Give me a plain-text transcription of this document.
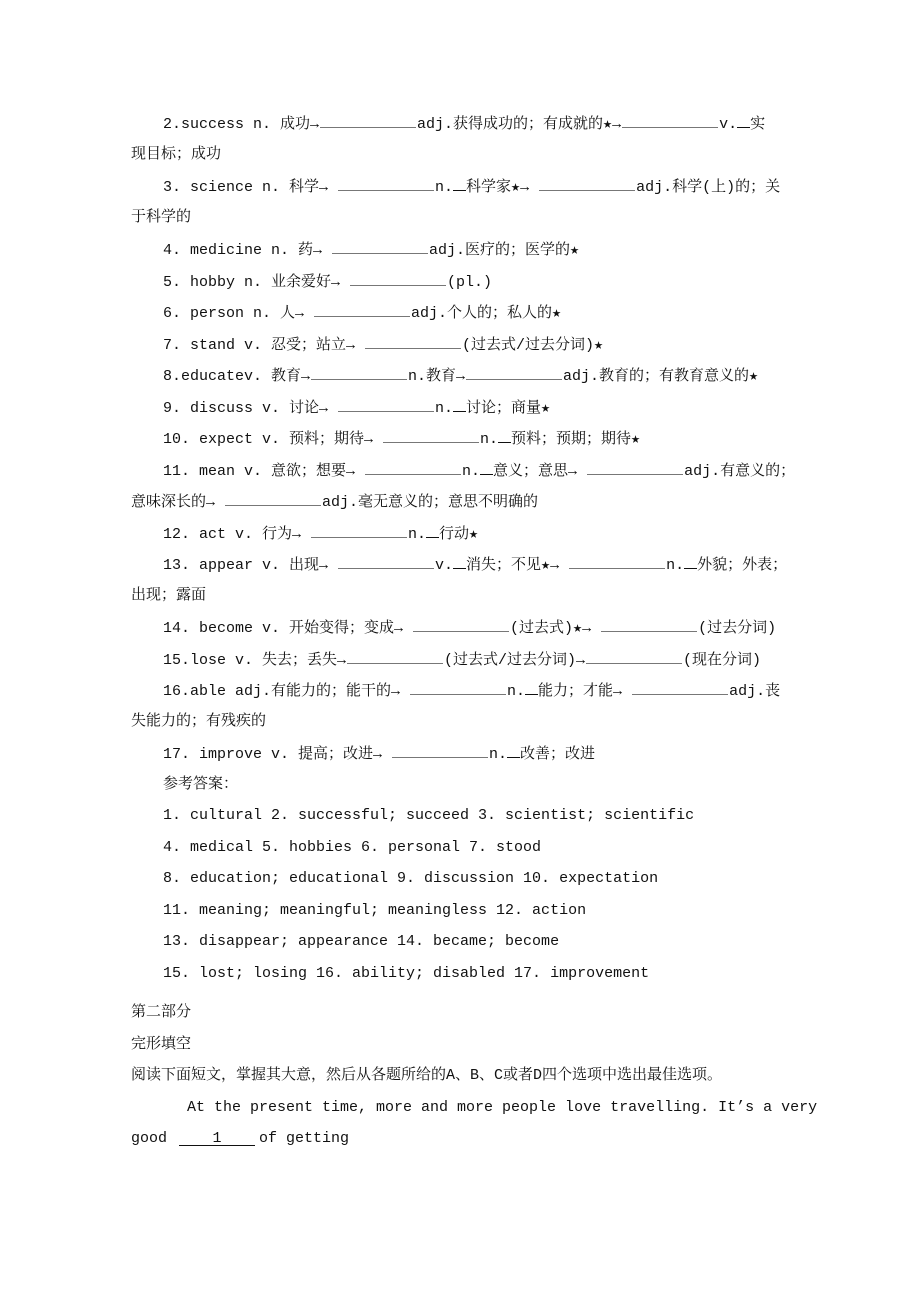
2.success n. 成功→	adj.获得成功的；有成就的★→	v. 实
现目标；成功
3. science n. 科学→	n. 科学家★→	adj.科学(上)的；关
于科学的
4. medicine n. 药→	adj.医疗的；医学的★
5. hobby n. 业余爱好→	(pl.)
6. person n. 人→	adj.个人的；私人的★
7. stand v. 忍受；站立→	(过去式/过去分词)★
8.educatev. 教育→	n.教育→	adj.教育的；有教育意义的★
9. discuss v. 讨论→	n. 讨论；商量★
10. expect v. 预料；期待→	n. 预料；预期；期待★
11. mean v. 意欲；想要→	n. 意义；意思→	adj.有意义的；
意味深长的→	adj.毫无意义的；意思不明确的
12. act v. 行为→	n. 行动★
13. appear v. 出现→	v. 消失；不见★→	n. 外貌；外表；
出现；露面
14. become v. 开始变得；变成→	(过去式)★→	(过去分词)
15.lose v. 失去；丢失→	(过去式/过去分词)→	(现在分词)
16.able adj.有能力的；能干的→	n. 能力；才能→	adj.丧
失能力的；有残疾的
17. improve v. 提高；改进→	n. 改善；改进
参考答案：
1. cultural 2. successful; succeed 3. scientist; scientific
4. medical 5. hobbies 6. personal 7. stood
8. education; educational 9. discussion 10. expectation
11. meaning; meaningful; meaningless 12. action
13. disappear; appearance 14. became; become
15. lost; losing 16. ability; disabled 17. improvement
第二部分
完形填空
阅读下面短文，掌握其大意，然后从各题所给的A、B、C或者D四个选项中选出最佳选项。
At the present time, more and more people love travelling. It’s a very
good	1	of getting
